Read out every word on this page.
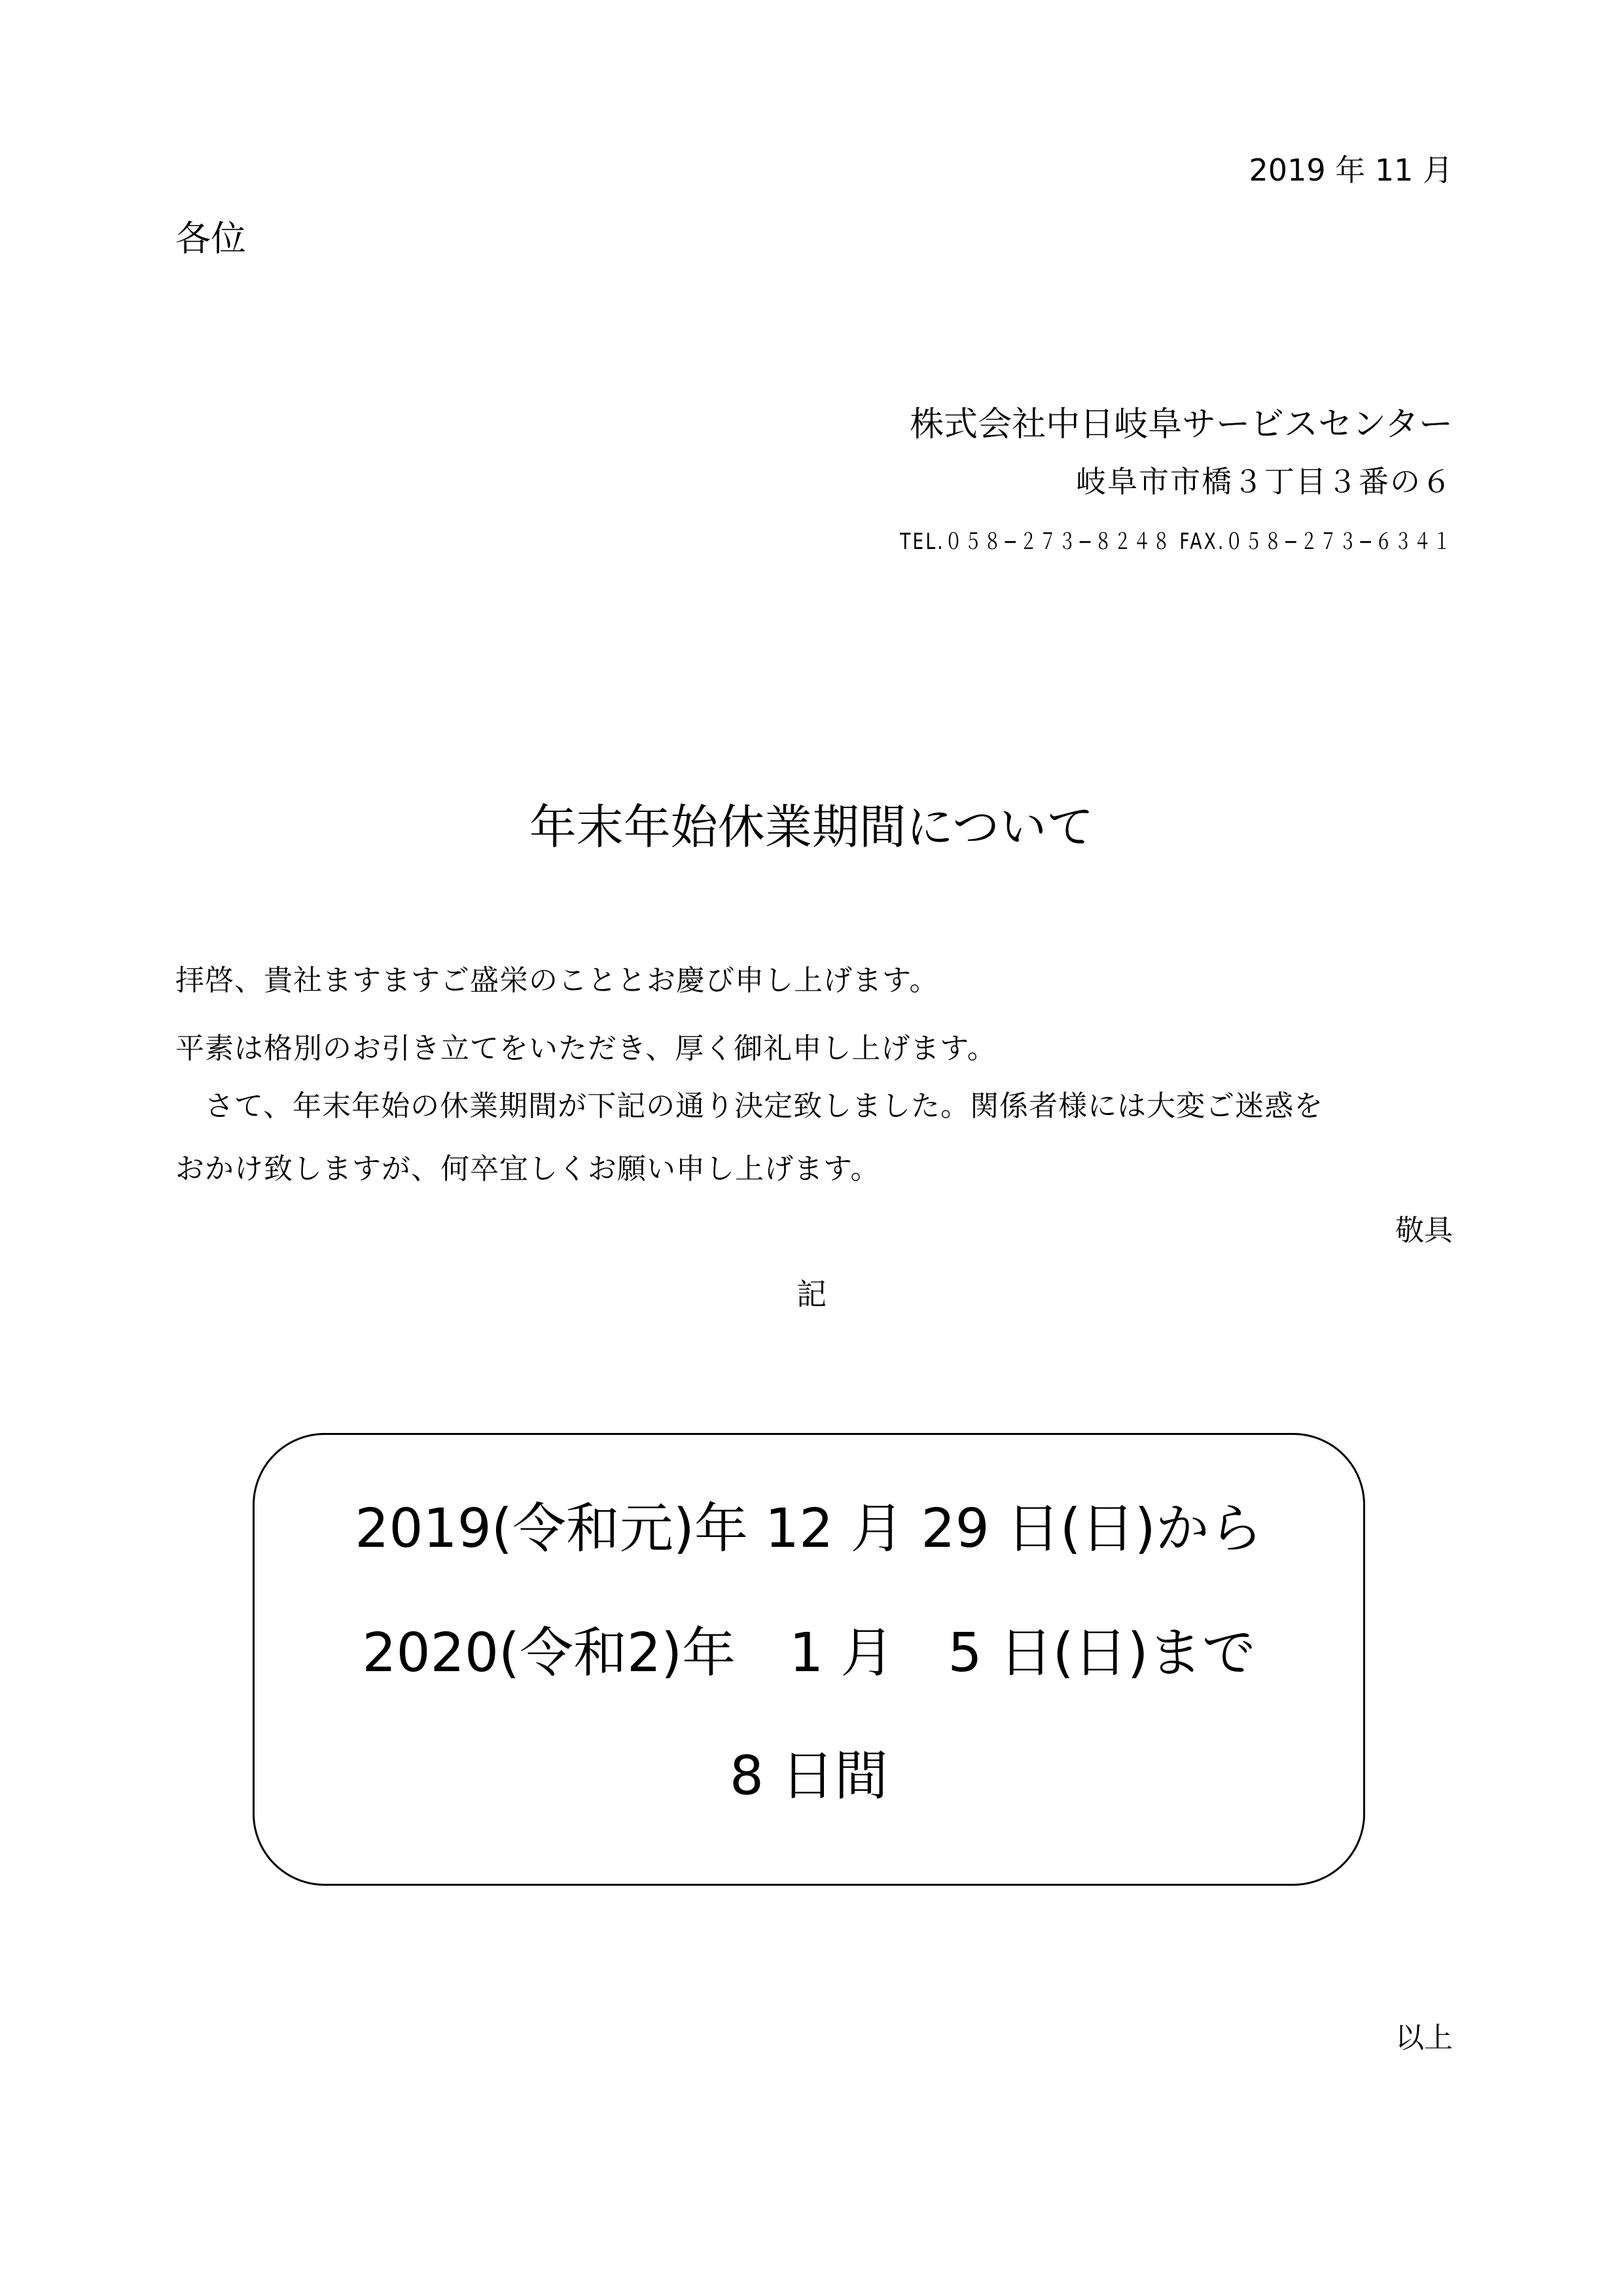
2019 年 11 月
各位
株式会社中日岐阜サービスセンター
岐阜市市橋３丁目３番の６
TEL.０５８−２７３−８２４８ FAX.０５８−２７３−６３４１
年末年始休業期間について
拝啓、貴社ますますご盛栄のこととお慶び申し上げます。
平素は格別のお引き立てをいただき、厚く御礼申し上げます。
　さて、年末年始の休業期間が下記の通り決定致しました。関係者様には大変ご迷惑を
おかけ致しますが、何卒宜しくお願い申し上げます。
敬具
記
2019(令和元)年 12 月 29 日(日)から
2020(令和2)年　1 月　5 日(日)まで
8 日間
以上
